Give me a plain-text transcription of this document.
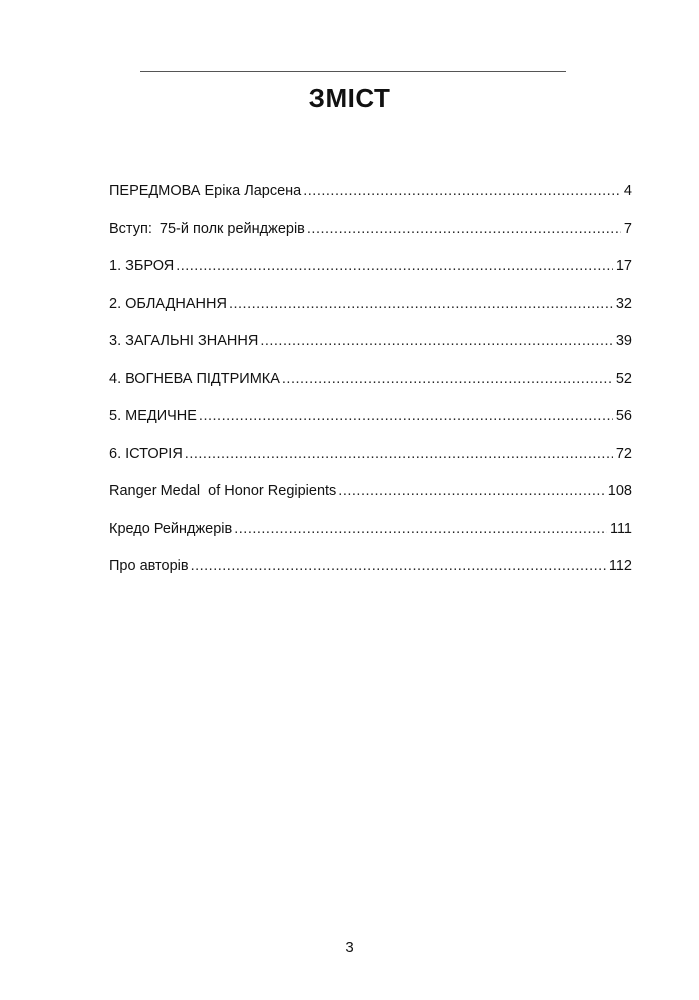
ЗМІСТ
ПЕРЕДМОВА Еріка Ларсена .....	4
Вступ:  75-й полк рейнджерів .....	7
1. ЗБРОЯ .....	17
2. ОБЛАДНАННЯ .....	32
3. ЗАГАЛЬНІ ЗНАННЯ .....	39
4. ВОГНЕВА ПІДТРИМКА .....	52
5. МЕДИЧНЕ .....	56
6. ІСТОРІЯ .....	72
Ranger Medal  of Honor Regipients .....	108
Кредо Рейнджерів .....	111
Про авторів .....	112
3
